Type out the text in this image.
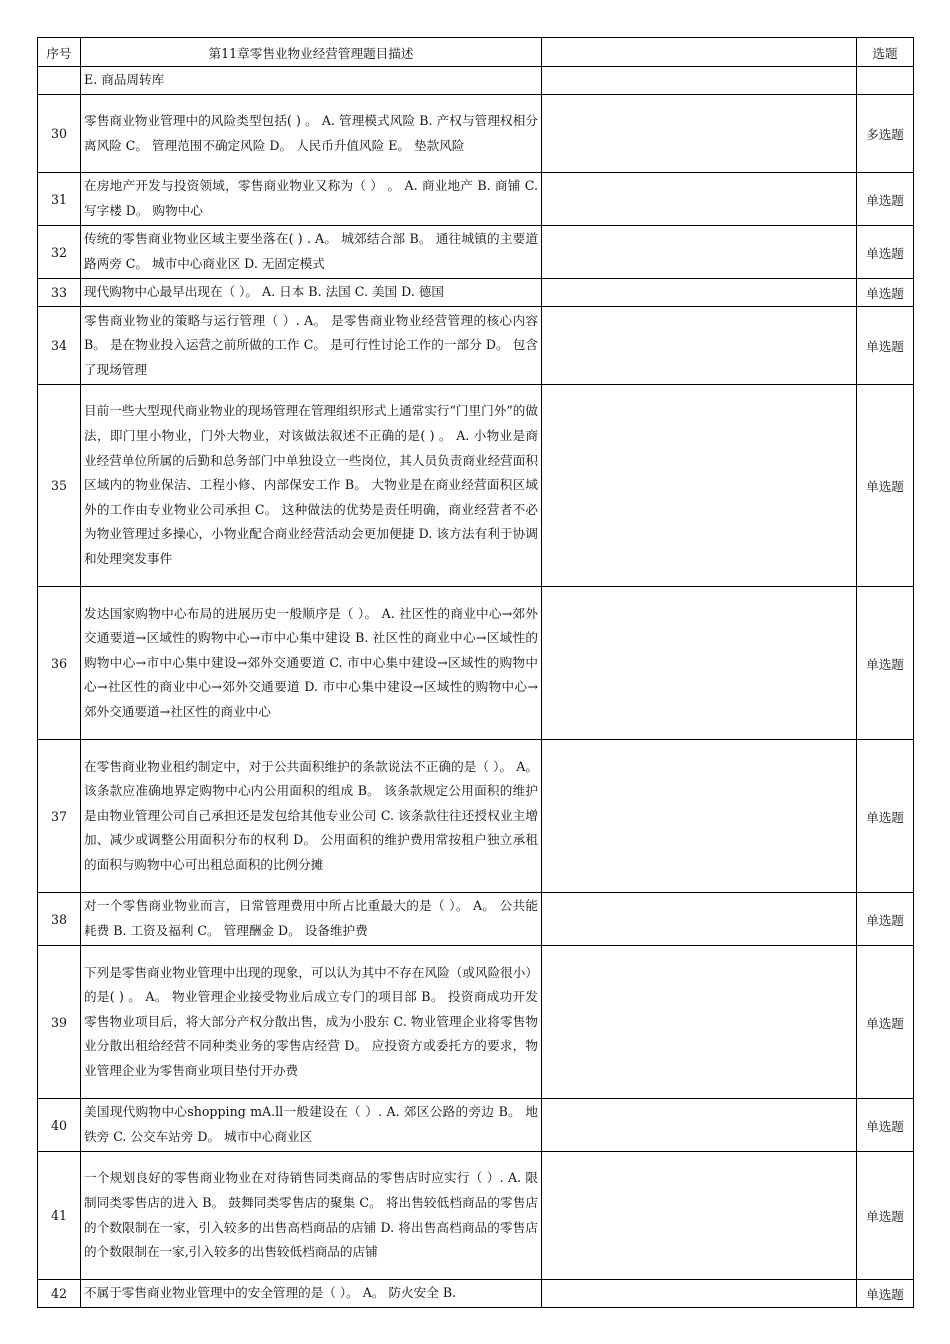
序号	第11章零售业物业经营管理题目描述		选题
	E. 商品周转库		
30	零售商业物业管理中的风险类型包括( ) 。 A. 管理模式风险 B. 产权与管理权相分离风险 C。 管理范围不确定风险 D。 人民币升值风险 E。 垫款风险		多选题
31	在房地产开发与投资领域，零售商业物业又称为（ ） 。 A. 商业地产 B. 商铺 C. 写字楼 D。 购物中心		单选题
32	传统的零售商业物业区域主要坐落在( ) . A。 城郊结合部 B。 通往城镇的主要道路两旁 C。 城市中心商业区 D. 无固定模式		单选题
33	现代购物中心最早出现在（ ）。 A. 日本 B. 法国 C. 美国 D. 德国		单选题
34	零售商业物业的策略与运行管理（ ）. A。 是零售商业物业经营管理的核心内容 B。 是在物业投入运营之前所做的工作 C。 是可行性讨论工作的一部分 D。 包含了现场管理		单选题
35	目前一些大型现代商业物业的现场管理在管理组织形式上通常实行“门里门外”的做法，即门里小物业，门外大物业，对该做法叙述不正确的是( ) 。 A. 小物业是商业经营单位所属的后勤和总务部门中单独设立一些岗位，其人员负责商业经营面积区域内的物业保洁、工程小修、内部保安工作 B。 大物业是在商业经营面积区域外的工作由专业物业公司承担 C。 这种做法的优势是责任明确，商业经营者不必为物业管理过多操心，小物业配合商业经营活动会更加便捷 D. 该方法有利于协调和处理突发事件		单选题
36	发达国家购物中心布局的进展历史一般顺序是（ ）。 A. 社区性的商业中心→郊外交通要道→区域性的购物中心→市中心集中建设 B. 社区性的商业中心→区域性的购物中心→市中心集中建设→郊外交通要道 C. 市中心集中建设→区域性的购物中心→社区性的商业中心→郊外交通要道 D. 市中心集中建设→区域性的购物中心→郊外交通要道→社区性的商业中心		单选题
37	在零售商业物业租约制定中，对于公共面积维护的条款说法不正确的是（ ）。 A。 该条款应准确地界定购物中心内公用面积的组成 B。 该条款规定公用面积的维护是由物业管理公司自己承担还是发包给其他专业公司 C. 该条款往往还授权业主增加、减少或调整公用面积分布的权利 D。 公用面积的维护费用常按租户独立承租的面积与购物中心可出租总面积的比例分摊		单选题
38	对一个零售商业物业而言，日常管理费用中所占比重最大的是（ ）。 A。 公共能耗费 B. 工资及福利 C。 管理酬金 D。 设备维护费		单选题
39	下列是零售商业物业管理中出现的现象，可以认为其中不存在风险（或风险很小）的是( ) 。 A。 物业管理企业接受物业后成立专门的项目部 B。 投资商成功开发零售物业项目后，将大部分产权分散出售，成为小股东 C. 物业管理企业将零售物业分散出租给经营不同种类业务的零售店经营 D。 应投资方或委托方的要求，物业管理企业为零售商业项目垫付开办费		单选题
40	美国现代购物中心shopping mA.ll一般建设在（ ）. A. 郊区公路的旁边 B。 地铁旁 C. 公交车站旁 D。 城市中心商业区		单选题
41	一个规划良好的零售商业物业在对待销售同类商品的零售店时应实行（ ）. A. 限制同类零售店的进入 B。 鼓舞同类零售店的聚集 C。 将出售较低档商品的零售店的个数限制在一家，引入较多的出售高档商品的店铺 D. 将出售高档商品的零售店的个数限制在一家,引入较多的出售较低档商品的店铺		单选题
42	不属于零售商业物业管理中的安全管理的是（ ）。 A。 防火安全 B.		单选题
